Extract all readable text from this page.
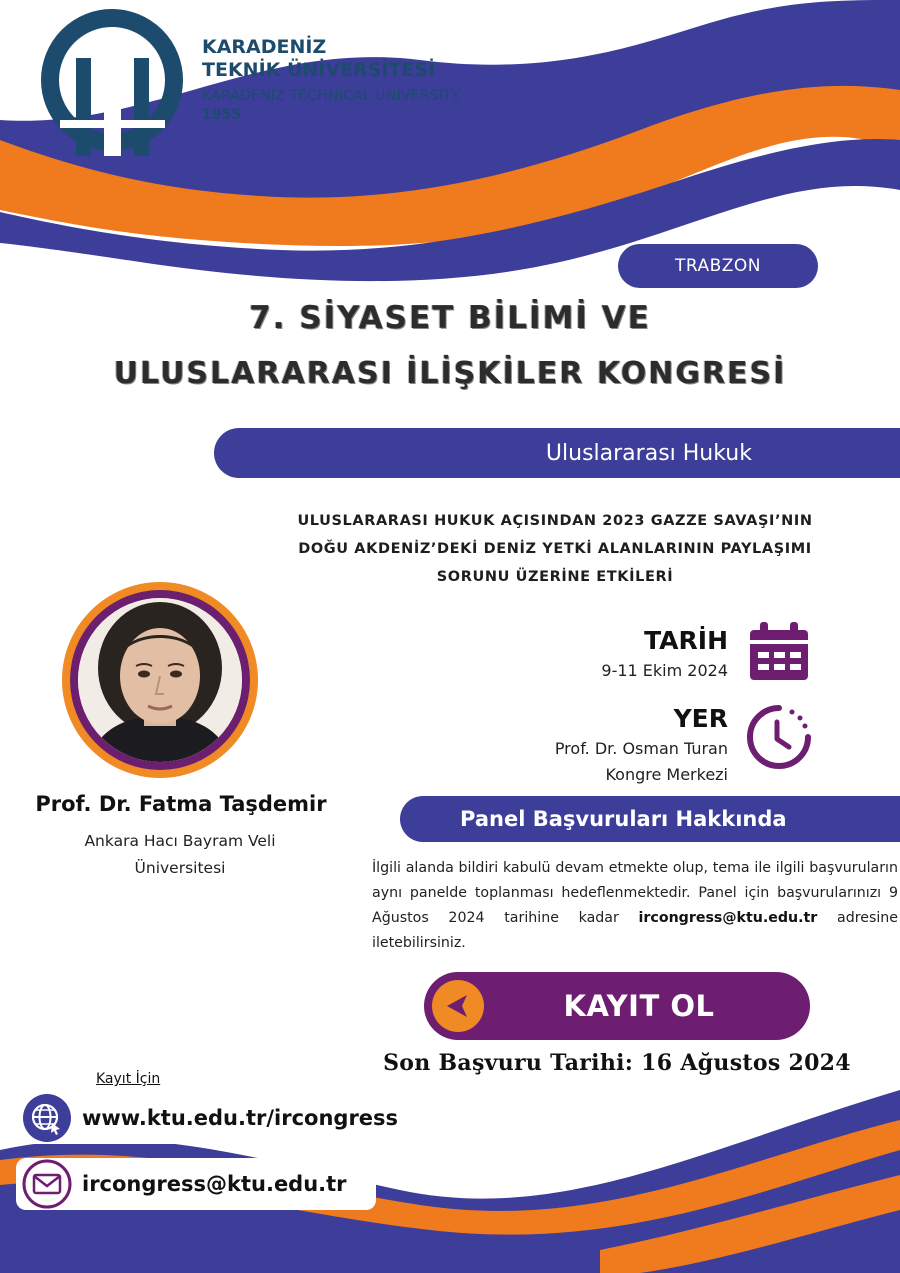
KARADENİZ
TEKNİK ÜNİVERSİTESİ
KARADENİZ TECHNICAL UNIVERSITY
1955
TRABZON
7. SİYASET BİLİMİ VE
ULUSLARARASI İLİŞKİLER KONGRESİ
Uluslararası Hukuk
ULUSLARARASI HUKUK AÇISINDAN 2023 GAZZE SAVAŞI’NIN
DOĞU AKDENİZ’DEKİ DENİZ YETKİ ALANLARININ PAYLAŞIMI
SORUNU ÜZERİNE ETKİLERİ
Prof. Dr. Fatma Taşdemir
Ankara Hacı Bayram Veli
Üniversitesi
TARİH
9-11 Ekim 2024
YER
Prof. Dr. Osman Turan
Kongre Merkezi
Panel Başvuruları Hakkında
İlgili alanda bildiri kabulü devam etmekte olup, tema ile ilgili başvuruların aynı panelde toplanması hedeflenmektedir. Panel için başvurularınızı 9 Ağustos 2024 tarihine kadar ircongress@ktu.edu.tr adresine iletebilirsiniz.
KAYIT OL
Son Başvuru Tarihi: 16 Ağustos 2024
Kayıt İçin
www.ktu.edu.tr/ircongress
ircongress@ktu.edu.tr
